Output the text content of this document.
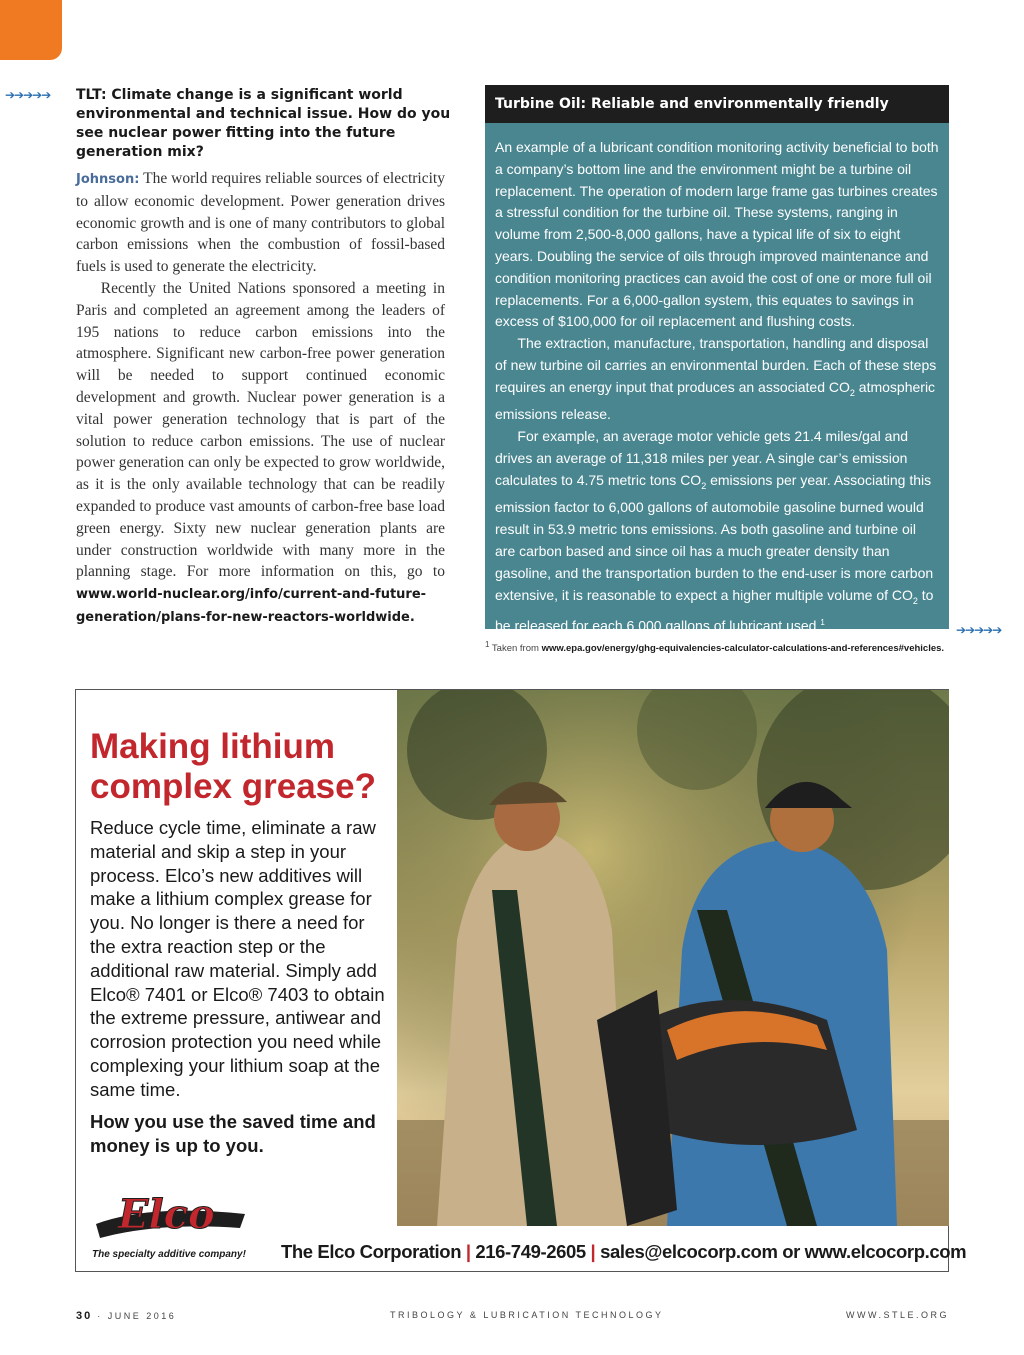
➔➔➔➔➔ TLT: Climate change is a significant world environmental and technical issue. How do you see nuclear power fitting into the future generation mix?

Johnson: The world requires reliable sources of electricity to allow economic development. Power generation drives economic growth and is one of many contributors to global carbon emissions when the combustion of fossil-based fuels is used to generate the electricity.

Recently the United Nations sponsored a meeting in Paris and completed an agreement among the leaders of 195 nations to reduce carbon emissions into the atmosphere. Significant new carbon-free power generation will be needed to support continued economic development and growth. Nuclear power generation is a vital power generation technology that is part of the solution to reduce carbon emissions. The use of nuclear power generation can only be expected to grow worldwide, as it is the only available technology that can be readily expanded to produce vast amounts of carbon-free base load green energy. Sixty new nuclear generation plants are under construction worldwide with many more in the planning stage. For more information on this, go to www.world-nuclear.org/info/current-and-future-generation/plans-for-new-reactors-worldwide.

Turbine Oil: Reliable and environmentally friendly

An example of a lubricant condition monitoring activity beneficial to both a company’s bottom line and the environment might be a turbine oil replacement. The operation of modern large frame gas turbines creates a stressful condition for the turbine oil. These systems, ranging in volume from 2,500-8,000 gallons, have a typical life of six to eight years. Doubling the service of oils through improved maintenance and condition monitoring practices can avoid the cost of one or more full oil replacements. For a 6,000-gallon system, this equates to savings in excess of $100,000 for oil replacement and flushing costs.

The extraction, manufacture, transportation, handling and disposal of new turbine oil carries an environmental burden. Each of these steps requires an energy input that produces an associated $CO_2$ atmospheric emissions release.

For example, an average motor vehicle gets 21.4 miles/gal and drives an average of 11,318 miles per year. A single car’s emission calculates to 4.75 metric tons $CO_2$ emissions per year. Associating this emission factor to 6,000 gallons of automobile gasoline burned would result in 53.9 metric tons emissions. As both gasoline and turbine oil are carbon based and since oil has a much greater density than gasoline, and the transportation burden to the end-user is more carbon extensive, it is reasonable to expect a higher multiple volume of $CO_2$ to be released for each 6,000 gallons of lubricant used.$^1$

➔➔➔➔➔
$^1$ Taken from www.epa.gov/energy/ghg-equivalencies-calculator-calculations-and-references#vehicles.
Making lithium complex grease?
Reduce cycle time, eliminate a raw material and skip a step in your process. Elco’s new additives will make a lithium complex grease for you. No longer is there a need for the extra reaction step or the additional raw material. Simply add Elco® 7401 or Elco® 7403 to obtain the extreme pressure, antiwear and corrosion protection you need while complexing your lithium soap at the same time.
How you use the saved time and money is up to you.
Elco
The specialty additive company! The Elco Corporation | 216-749-2605 | sales@elcocorp.com or www.elcocorp.com
30 · JUNE 2016	TRIBOLOGY & LUBRICATION TECHNOLOGY	WWW.STLE.ORG
